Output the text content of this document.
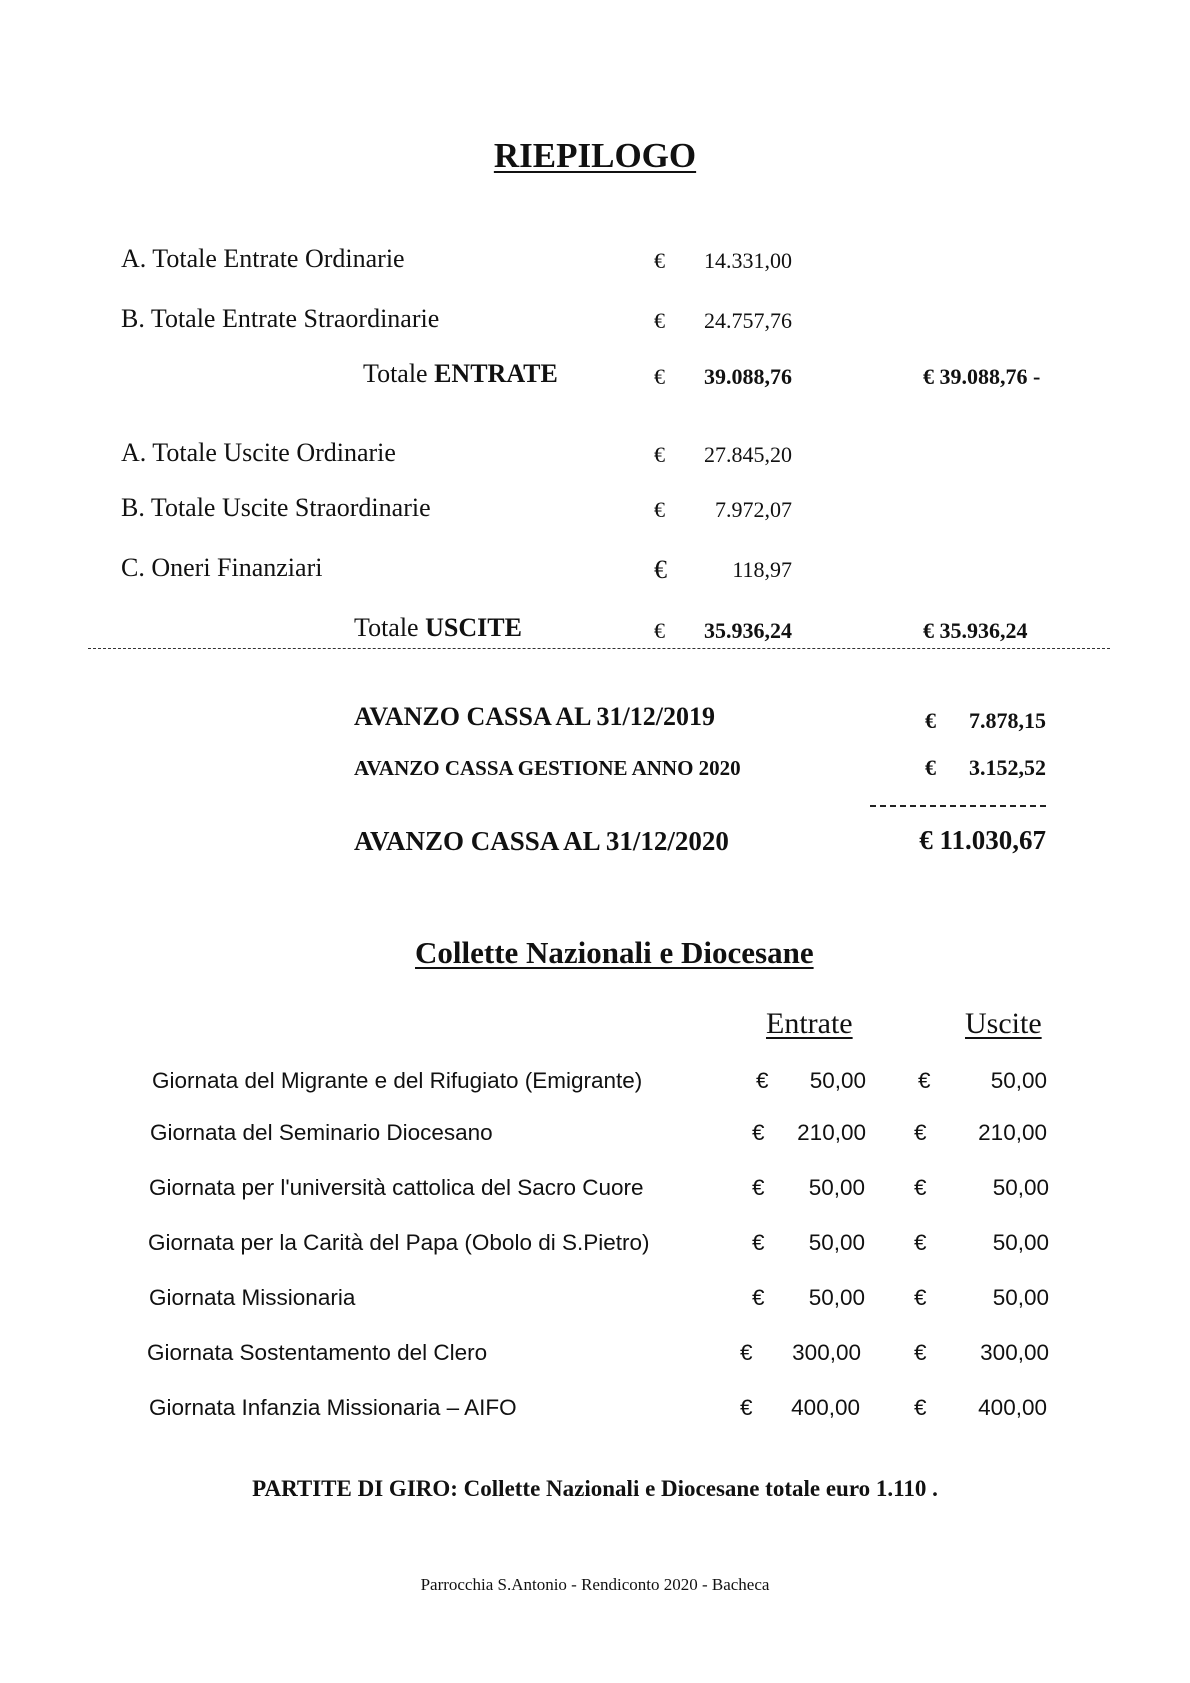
RIEPILOGO
A. Totale Entrate Ordinarie	€	14.331,00
B. Totale Entrate Straordinarie	€	24.757,76
Totale ENTRATE	€	39.088,76	€ 39.088,76 -
A. Totale Uscite Ordinarie	€	27.845,20
B. Totale Uscite Straordinarie	€	7.972,07
C. Oneri Finanziari	€	118,97
Totale USCITE	€	35.936,24	€ 35.936,24
AVANZO CASSA AL 31/12/2019	€	7.878,15
AVANZO CASSA GESTIONE ANNO 2020	€	3.152,52
AVANZO CASSA AL 31/12/2020	€ 11.030,67
Collette Nazionali e Diocesane
Entrate	Uscite
Giornata del Migrante e del Rifugiato (Emigrante)	€	50,00 €	50,00
Giornata del Seminario Diocesano	€	210,00 €	210,00
Giornata per l'università cattolica del Sacro Cuore	€	50,00 €	50,00
Giornata per la Carità del Papa (Obolo di S.Pietro)	€	50,00 €	50,00
Giornata Missionaria	€	50,00 €	50,00
Giornata Sostentamento del Clero	€	300,00 €	300,00
Giornata Infanzia Missionaria – AIFO	€	400,00 €	400,00
PARTITE DI GIRO: Collette Nazionali e Diocesane totale euro 1.110 .
Parrocchia S.Antonio - Rendiconto 2020 - Bacheca
